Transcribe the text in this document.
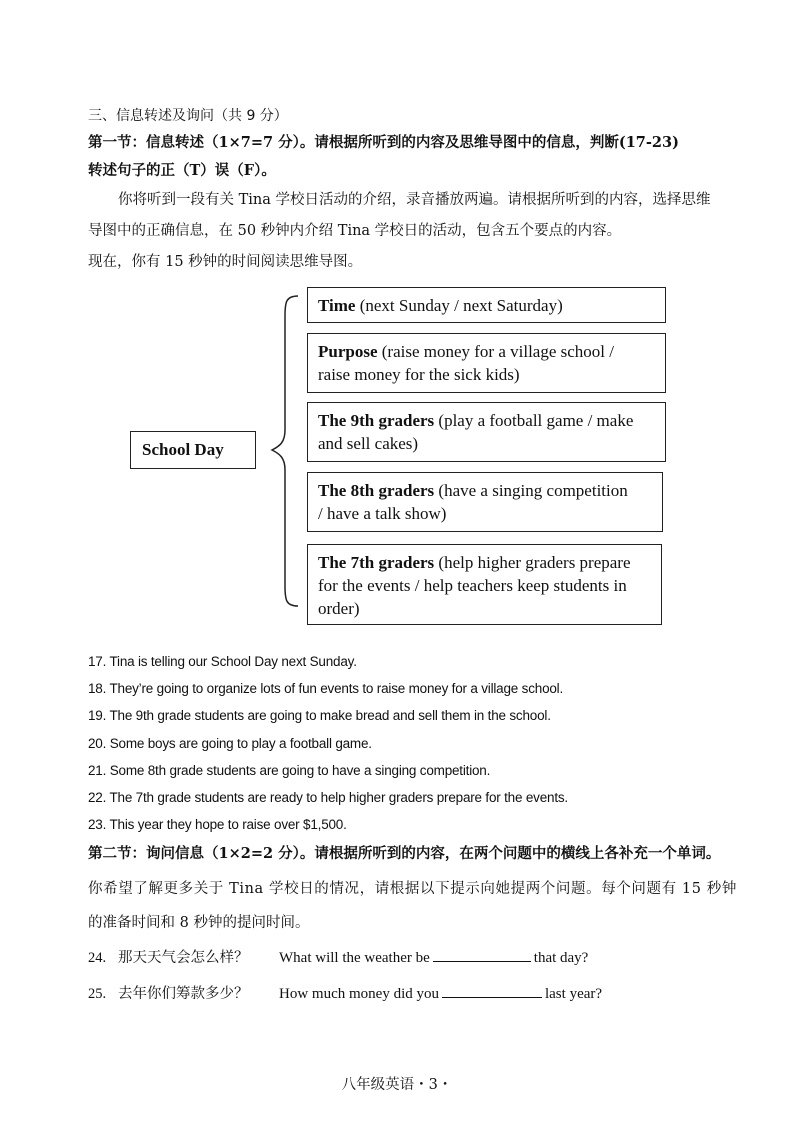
三、信息转述及询问（共 9 分）
第一节：信息转述（1×7=7 分）。请根据所听到的内容及思维导图中的信息，判断(17-23)
转述句子的正（T）误（F）。
你将听到一段有关 Tina 学校日活动的介绍，录音播放两遍。请根据所听到的内容，选择思维
导图中的正确信息，在 50 秒钟内介绍 Tina 学校日的活动，包含五个要点的内容。
现在，你有 15 秒钟的时间阅读思维导图。
School Day
Time (next Sunday / next Saturday)
Purpose (raise money for a village school /
raise money for the sick kids)
The 9th graders (play a football game / make
and sell cakes)
The 8th graders (have a singing competition
/ have a talk show)
The 7th graders (help higher graders prepare
for the events / help teachers keep students in
order)
17. Tina is telling our School Day next Sunday.
18. They’re going to organize lots of fun events to raise money for a village school.
19. The 9th grade students are going to make bread and sell them in the school.
20. Some boys are going to play a football game.
21. Some 8th grade students are going to have a singing competition.
22. The 7th grade students are ready to help higher graders prepare for the events.
23. This year they hope to raise over $1,500.
第二节：询问信息（1×2=2 分）。请根据所听到的内容，在两个问题中的横线上各补充一个单词。
你希望了解更多关于 Tina 学校日的情况，请根据以下提示向她提两个问题。每个问题有 15 秒钟
的准备时间和 8 秒钟的提问时间。
24. 那天天气会怎么样？ What will the weather be	that day?
25. 去年你们筹款多少？ How much money did you	last year?
八年级英语・3・
